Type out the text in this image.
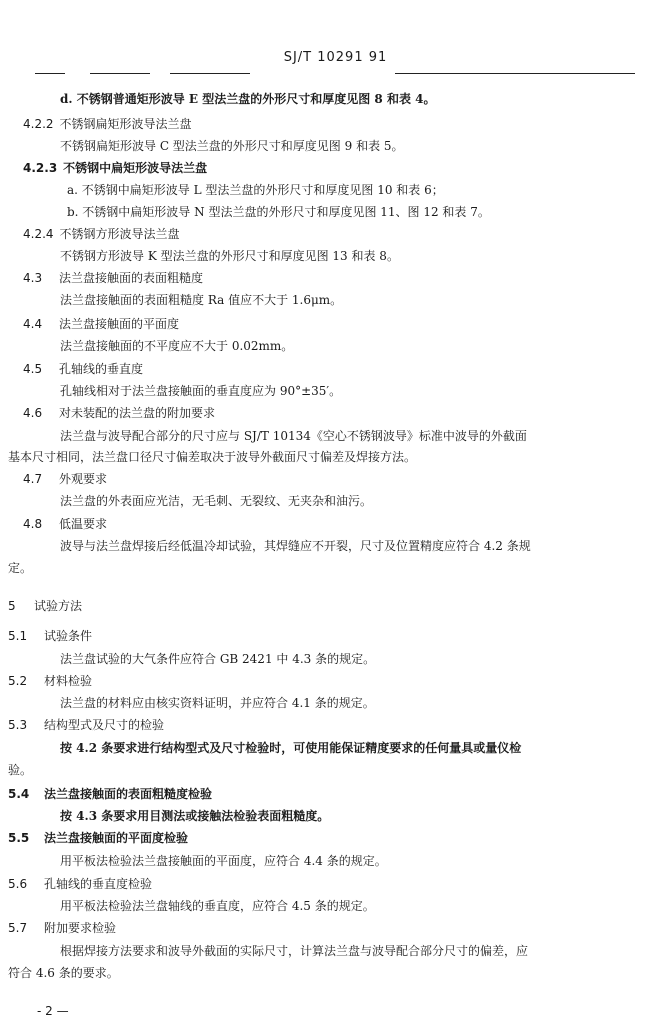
SJ/T 10291 91
d. 不锈钢普通矩形波导 E 型法兰盘的外形尺寸和厚度见图 8 和表 4。
4.2.2 不锈钢扁矩形波导法兰盘
不锈钢扁矩形波导 C 型法兰盘的外形尺寸和厚度见图 9 和表 5。
4.2.3 不锈钢中扁矩形波导法兰盘
a. 不锈钢中扁矩形波导 L 型法兰盘的外形尺寸和厚度见图 10 和表 6；
b. 不锈钢中扁矩形波导 N 型法兰盘的外形尺寸和厚度见图 11、图 12 和表 7。
4.2.4 不锈钢方形波导法兰盘
不锈钢方形波导 K 型法兰盘的外形尺寸和厚度见图 13 和表 8。
4.3 法兰盘接触面的表面粗糙度
法兰盘接触面的表面粗糙度 Ra 值应不大于 1.6μm。
4.4 法兰盘接触面的平面度
法兰盘接触面的不平度应不大于 0.02mm。
4.5 孔轴线的垂直度
孔轴线相对于法兰盘接触面的垂直度应为 90°±35′。
4.6 对未装配的法兰盘的附加要求
法兰盘与波导配合部分的尺寸应与 SJ/T 10134《空心不锈钢波导》标准中波导的外截面
基本尺寸相同，法兰盘口径尺寸偏差取决于波导外截面尺寸偏差及焊接方法。
4.7 外观要求
法兰盘的外表面应光洁，无毛刺、无裂纹、无夹杂和油污。
4.8 低温要求
波导与法兰盘焊接后经低温冷却试验，其焊缝应不开裂，尺寸及位置精度应符合 4.2 条规
定。
5 试验方法
5.1 试验条件
法兰盘试验的大气条件应符合 GB 2421 中 4.3 条的规定。
5.2 材料检验
法兰盘的材料应由核实资料证明，并应符合 4.1 条的规定。
5.3 结构型式及尺寸的检验
按 4.2 条要求进行结构型式及尺寸检验时，可使用能保证精度要求的任何量具或量仪检
验。
5.4 法兰盘接触面的表面粗糙度检验
按 4.3 条要求用目测法或接触法检验表面粗糙度。
5.5 法兰盘接触面的平面度检验
用平板法检验法兰盘接触面的平面度，应符合 4.4 条的规定。
5.6 孔轴线的垂直度检验
用平板法检验法兰盘轴线的垂直度，应符合 4.5 条的规定。
5.7 附加要求检验
根据焊接方法要求和波导外截面的实际尺寸，计算法兰盘与波导配合部分尺寸的偏差，应
符合 4.6 条的要求。
- 2 —
